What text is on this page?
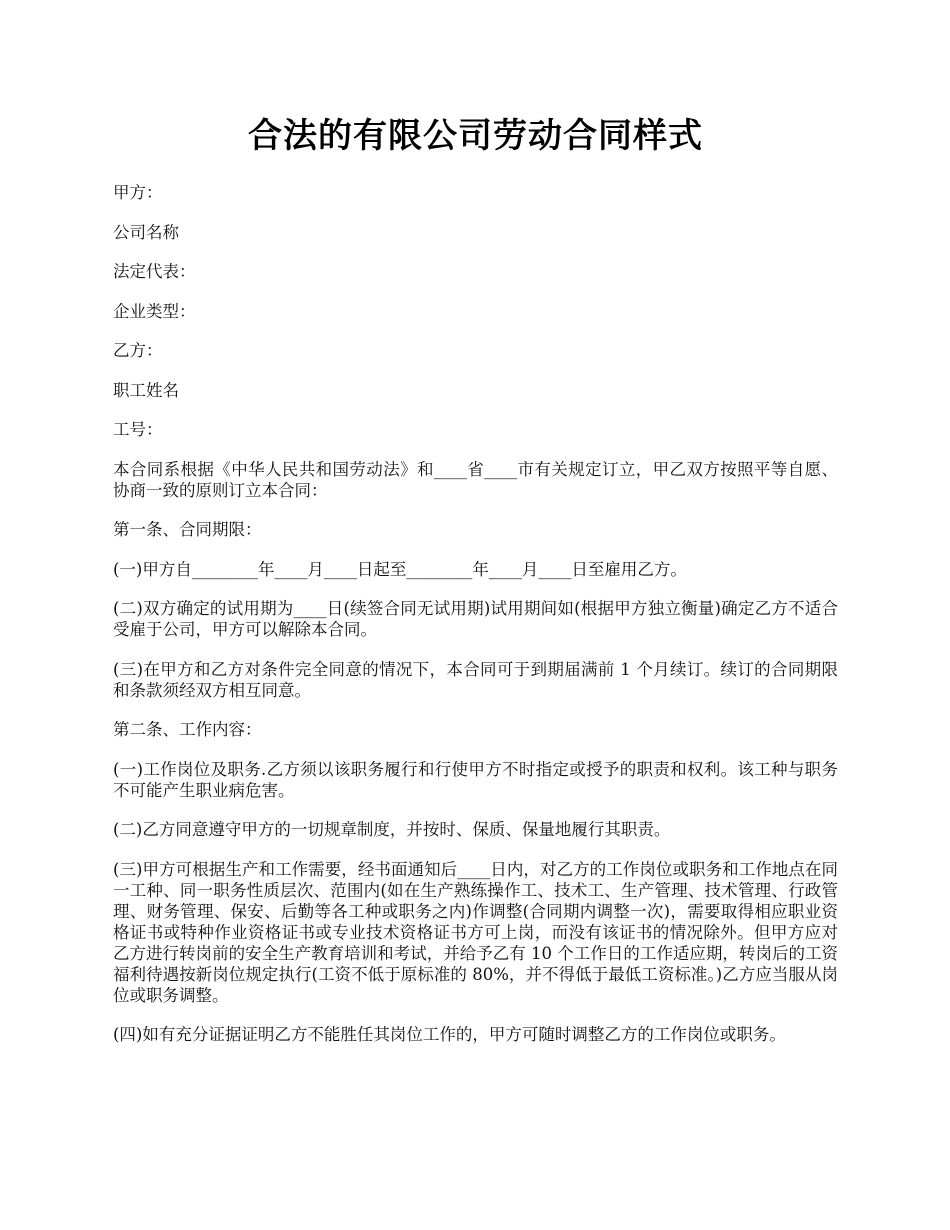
合法的有限公司劳动合同样式

甲方：

公司名称

法定代表：

企业类型：

乙方：

职工姓名

工号：

本合同系根据《中华人民共和国劳动法》和____省____市有关规定订立，甲乙双方按照平等自愿、协商一致的原则订立本合同：

第一条、合同期限：

(一)甲方自________年____月____日起至________年____月____日至雇用乙方。

(二)双方确定的试用期为____日(续签合同无试用期)试用期间如(根据甲方独立衡量)确定乙方不适合受雇于公司，甲方可以解除本合同。

(三)在甲方和乙方对条件完全同意的情况下，本合同可于到期届满前 1 个月续订。续订的合同期限和条款须经双方相互同意。

第二条、工作内容：

(一)工作岗位及职务.乙方须以该职务履行和行使甲方不时指定或授予的职责和权利。该工种与职务不可能产生职业病危害。

(二)乙方同意遵守甲方的一切规章制度，并按时、保质、保量地履行其职责。

(三)甲方可根据生产和工作需要，经书面通知后____日内，对乙方的工作岗位或职务和工作地点在同一工种、同一职务性质层次、范围内(如在生产熟练操作工、技术工、生产管理、技术管理、行政管理、财务管理、保安、后勤等各工种或职务之内)作调整(合同期内调整一次)，需要取得相应职业资格证书或特种作业资格证书或专业技术资格证书方可上岗，而没有该证书的情况除外。但甲方应对乙方进行转岗前的安全生产教育培训和考试，并给予乙有 10 个工作日的工作适应期，转岗后的工资福利待遇按新岗位规定执行(工资不低于原标准的 80%，并不得低于最低工资标准。)乙方应当服从岗位或职务调整。

(四)如有充分证据证明乙方不能胜任其岗位工作的，甲方可随时调整乙方的工作岗位或职务。
